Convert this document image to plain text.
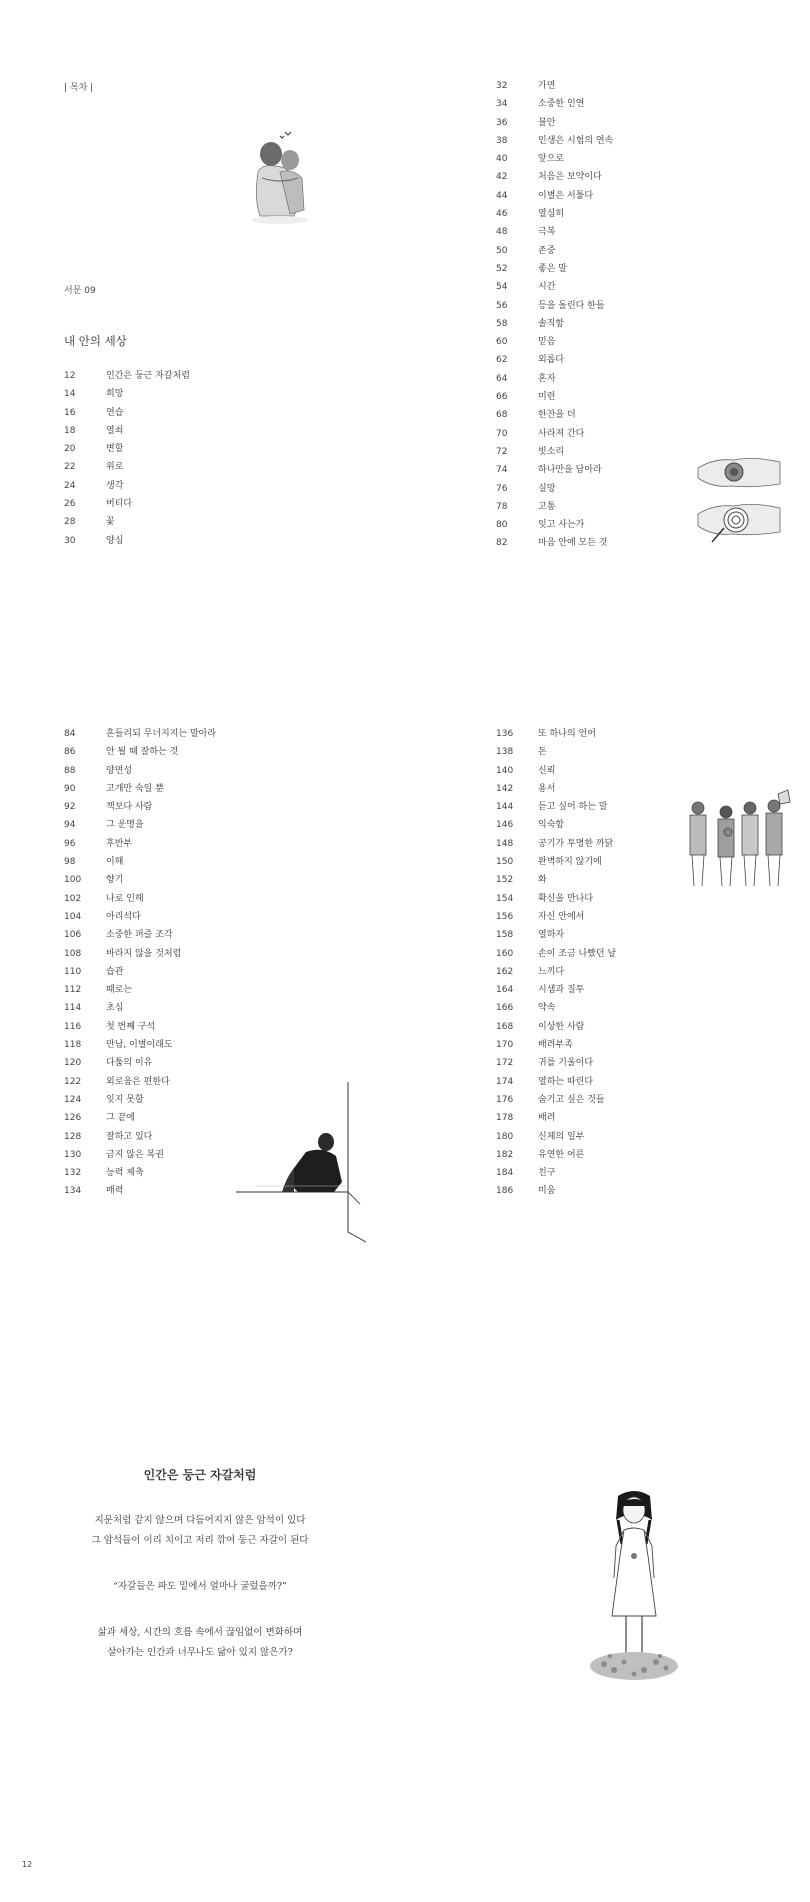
| 목차 |
서문 09
내 안의 세상
12	인간은 둥근 자갈처럼
14	희망
16	연습
18	열쇠
20	변할
22	위로
24	생각
26	버티다
28	꽃
30	양심
32	가면
34	소중한 인연
36	불안
38	인생은 시험의 연속
40	앞으로
42	처음은 보약이다
44	이별은 서툴다
46	열심히
48	극복
50	존중
52	좋은 말
54	시간
56	등을 돌린다 한들
58	솔직함
60	믿음
62	외롭다
64	혼자
66	미련
68	한잔을 더
70	사라져 간다
72	빗소리
74	하나만을 담아라
76	실망
78	고통
80	잊고 사는가
82	마음 안에 모든 것
84	흔들리되 무너지지는 말아라
86	안 될 때 잘하는 것
88	양면성
90	고개만 숙일 뿐
92	책보다 사람
94	그 운명을
96	후반부
98	이해
100	향기
102	나로 인해
104	아리석다
106	소중한 퍼즐 조각
108	바라지 않을 것처럼
110	습관
112	때로는
114	초심
116	첫 번째 구석
118	만남, 이별이래도
120	다툼의 이유
122	외로움은 편한다
124	잊지 못할
126	그 끝에
128	잘하고 있다
130	금지 않은 복권
132	능력 제축
134	매력
136	또 하나의 언어
138	돈
140	신뢰
142	용서
144	듣고 싶어 하는 말
146	익숙함
148	공기가 투명한 까닭
150	완벽하지 않기에
152	화
154	확신을 만나다
156	자신 안에서
158	열하자
160	손이 조금 나빴던 날
162	느끼다
164	시샘과 질투
166	약속
168	이상한 사람
170	배려부족
172	귀를 기울이다
174	열하는 따린다
176	숨기고 싶은 것들
178	배려
180	신체의 일부
182	유연한 어른
184	친구
186	미움
인간은 둥근 자갈처럼
지문처럼 같지 않으며 다듬어지지 않은 암석이 있다
그 암석들이 이리 치이고 저리 깎여 둥근 자갈이 된다
“자갈들은 파도 밑에서 얼마나 굴렀을까?”
삶과 세상, 시간의 흐름 속에서 끊임없이 변화하며
살아가는 인간과 너무나도 닮아 있지 않은가?
12
